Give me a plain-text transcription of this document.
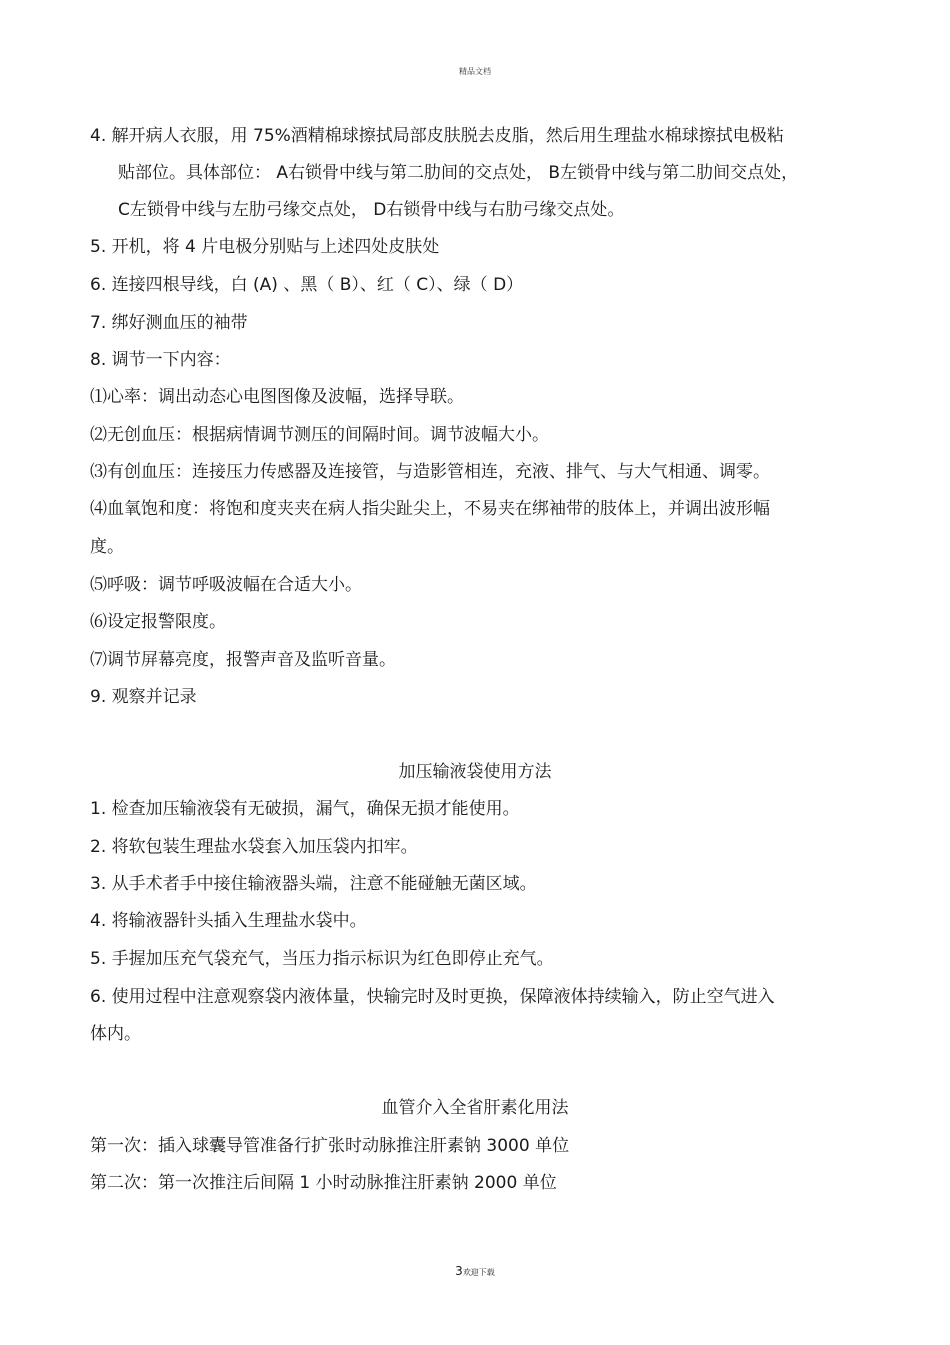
精品文档
4. 解开病人衣服，用 75%酒精棉球擦拭局部皮肤脱去皮脂，然后用生理盐水棉球擦拭电极粘
贴部位。具体部位： A右锁骨中线与第二肋间的交点处， B左锁骨中线与第二肋间交点处，
C左锁骨中线与左肋弓缘交点处， D右锁骨中线与右肋弓缘交点处。
5. 开机，将 4 片电极分别贴与上述四处皮肤处
6. 连接四根导线，白 (A) 、黑（ B）、红（ C）、绿（ D）
7. 绑好测血压的袖带
8. 调节一下内容：
⑴心率：调出动态心电图图像及波幅，选择导联。
⑵无创血压：根据病情调节测压的间隔时间。调节波幅大小。
⑶有创血压：连接压力传感器及连接管，与造影管相连，充液、排气、与大气相通、调零。
⑷血氧饱和度：将饱和度夹夹在病人指尖趾尖上，不易夹在绑袖带的肢体上，并调出波形幅
度。
⑸呼吸：调节呼吸波幅在合适大小。
⑹设定报警限度。
⑺调节屏幕亮度，报警声音及监听音量。
9. 观察并记录
加压输液袋使用方法
1. 检查加压输液袋有无破损，漏气，确保无损才能使用。
2. 将软包装生理盐水袋套入加压袋内扣牢。
3. 从手术者手中接住输液器头端，注意不能碰触无菌区域。
4. 将输液器针头插入生理盐水袋中。
5. 手握加压充气袋充气，当压力指示标识为红色即停止充气。
6. 使用过程中注意观察袋内液体量，快输完时及时更换，保障液体持续输入，防止空气进入
体内。
血管介入全省肝素化用法
第一次：插入球囊导管准备行扩张时动脉推注肝素钠 3000 单位
第二次：第一次推注后间隔 1 小时动脉推注肝素钠 2000 单位
3欢迎下载
